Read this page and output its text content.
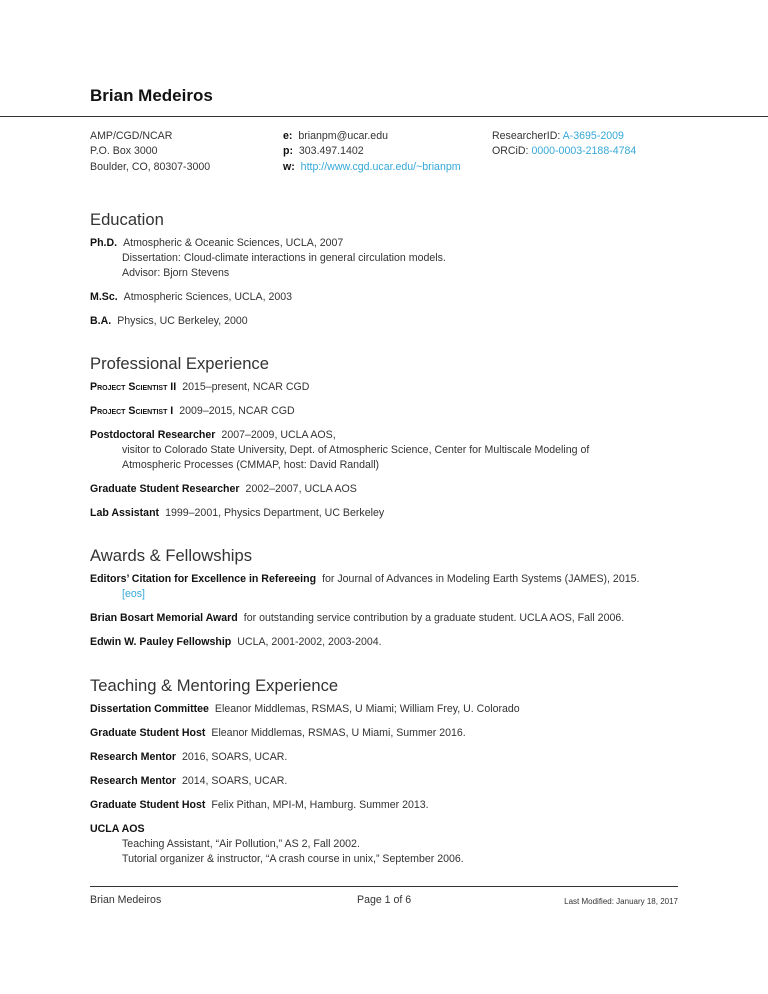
Brian Medeiros
AMP/CGD/NCAR
P.O. Box 3000
Boulder, CO, 80307-3000
e: brianpm@ucar.edu
p: 303.497.1402
w: http://www.cgd.ucar.edu/~brianpm
ResearcherID: A-3695-2009
ORCiD: 0000-0003-2188-4784
Education
Ph.D. Atmospheric & Oceanic Sciences, UCLA, 2007
Dissertation: Cloud-climate interactions in general circulation models.
Advisor: Bjorn Stevens
M.Sc. Atmospheric Sciences, UCLA, 2003
B.A. Physics, UC Berkeley, 2000
Professional Experience
Project Scientist II 2015–present, NCAR CGD
Project Scientist I 2009–2015, NCAR CGD
Postdoctoral Researcher 2007–2009, UCLA AOS,
visitor to Colorado State University, Dept. of Atmospheric Science, Center for Multiscale Modeling of
Atmospheric Processes (CMMAP, host: David Randall)
Graduate Student Researcher 2002–2007, UCLA AOS
Lab Assistant 1999–2001, Physics Department, UC Berkeley
Awards & Fellowships
Editors’ Citation for Excellence in Refereeing for Journal of Advances in Modeling Earth Systems (JAMES), 2015.
[eos]
Brian Bosart Memorial Award for outstanding service contribution by a graduate student. UCLA AOS, Fall 2006.
Edwin W. Pauley Fellowship UCLA, 2001-2002, 2003-2004.
Teaching & Mentoring Experience
Dissertation Committee Eleanor Middlemas, RSMAS, U Miami; William Frey, U. Colorado
Graduate Student Host Eleanor Middlemas, RSMAS, U Miami, Summer 2016.
Research Mentor 2016, SOARS, UCAR.
Research Mentor 2014, SOARS, UCAR.
Graduate Student Host Felix Pithan, MPI-M, Hamburg. Summer 2013.
UCLA AOS
Teaching Assistant, “Air Pollution,” AS 2, Fall 2002.
Tutorial organizer & instructor, “A crash course in unix,” September 2006.
Brian Medeiros	Page 1 of 6	Last Modified: January 18, 2017
